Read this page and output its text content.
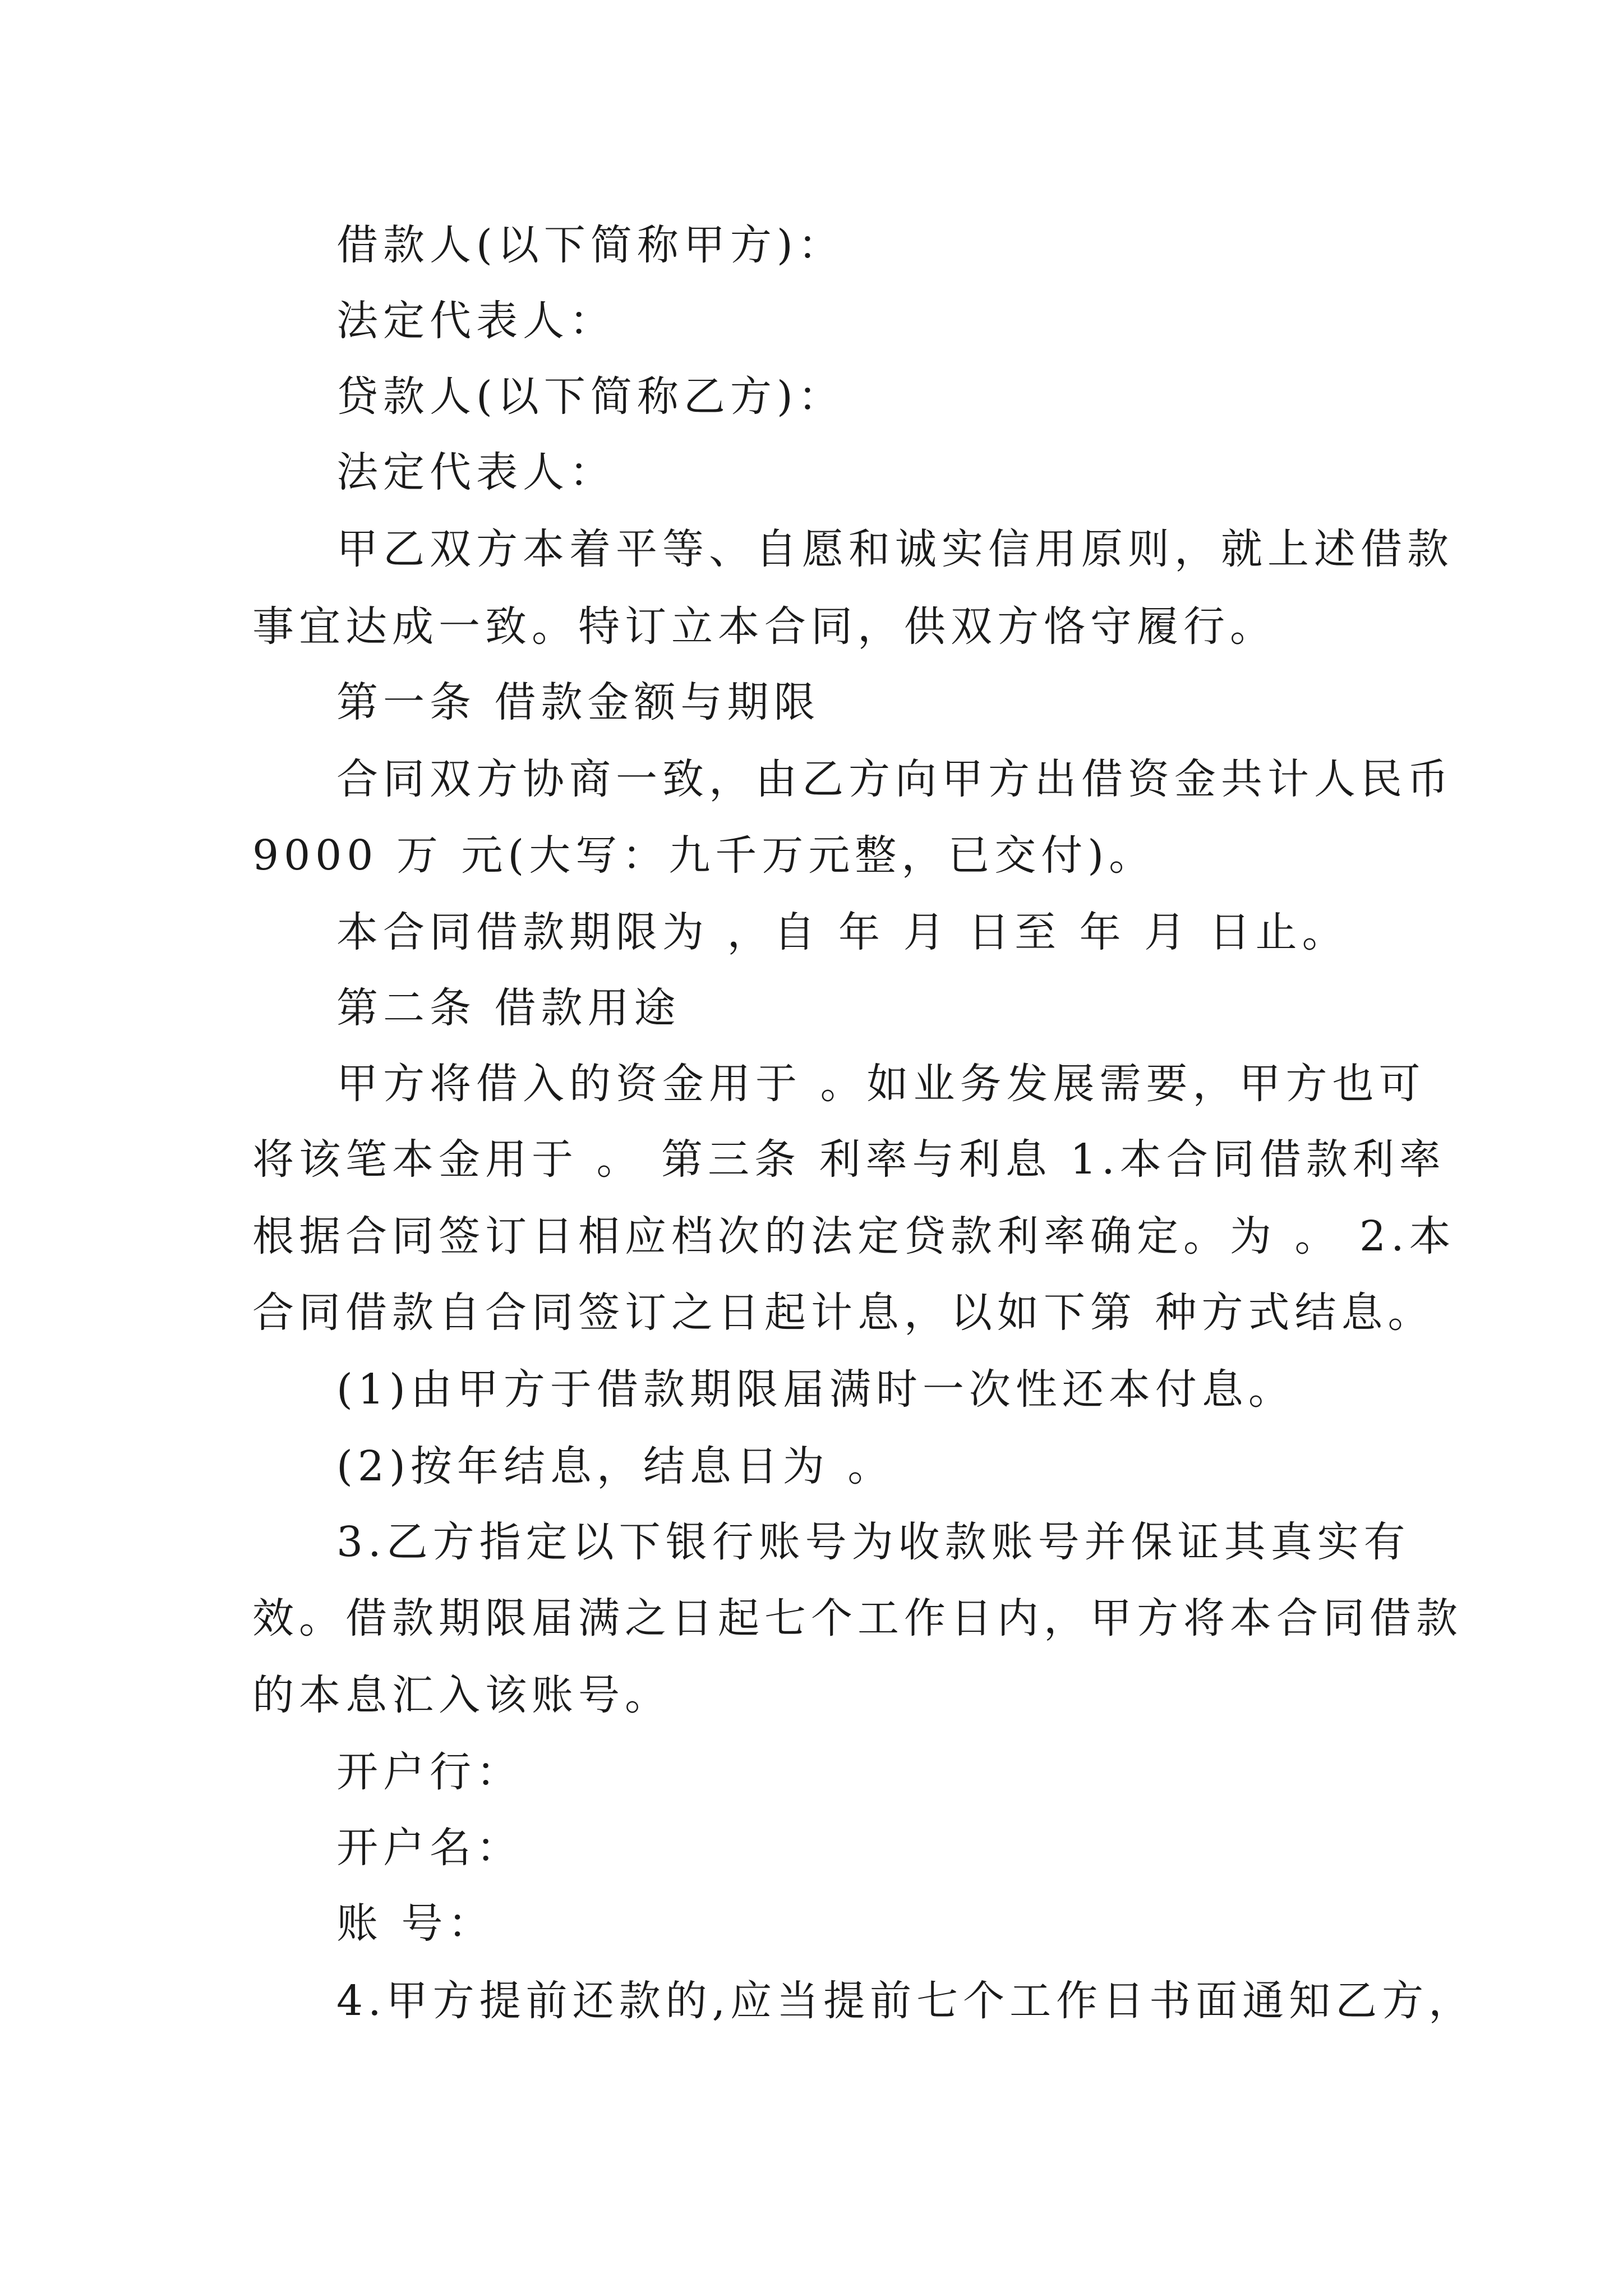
借款人(以下简称甲方)：
法定代表人：
贷款人(以下简称乙方)：
法定代表人：
甲乙双方本着平等、自愿和诚实信用原则，就上述借款
事宜达成一致。特订立本合同，供双方恪守履行。
第一条 借款金额与期限
合同双方协商一致，由乙方向甲方出借资金共计人民币
9000 万 元(大写：九千万元整，已交付)。
本合同借款期限为 ，自 年 月 日至 年 月 日止。
第二条 借款用途
甲方将借入的资金用于 。如业务发展需要，甲方也可
将该笔本金用于 。 第三条 利率与利息 1.本合同借款利率
根据合同签订日相应档次的法定贷款利率确定。为 。 2.本
合同借款自合同签订之日起计息，以如下第 种方式结息。
(1)由甲方于借款期限届满时一次性还本付息。
(2)按年结息，结息日为 。
3.乙方指定以下银行账号为收款账号并保证其真实有
效。借款期限届满之日起七个工作日内，甲方将本合同借款
的本息汇入该账号。
开户行：
开户名：
账 号：
4.甲方提前还款的,应当提前七个工作日书面通知乙方，
